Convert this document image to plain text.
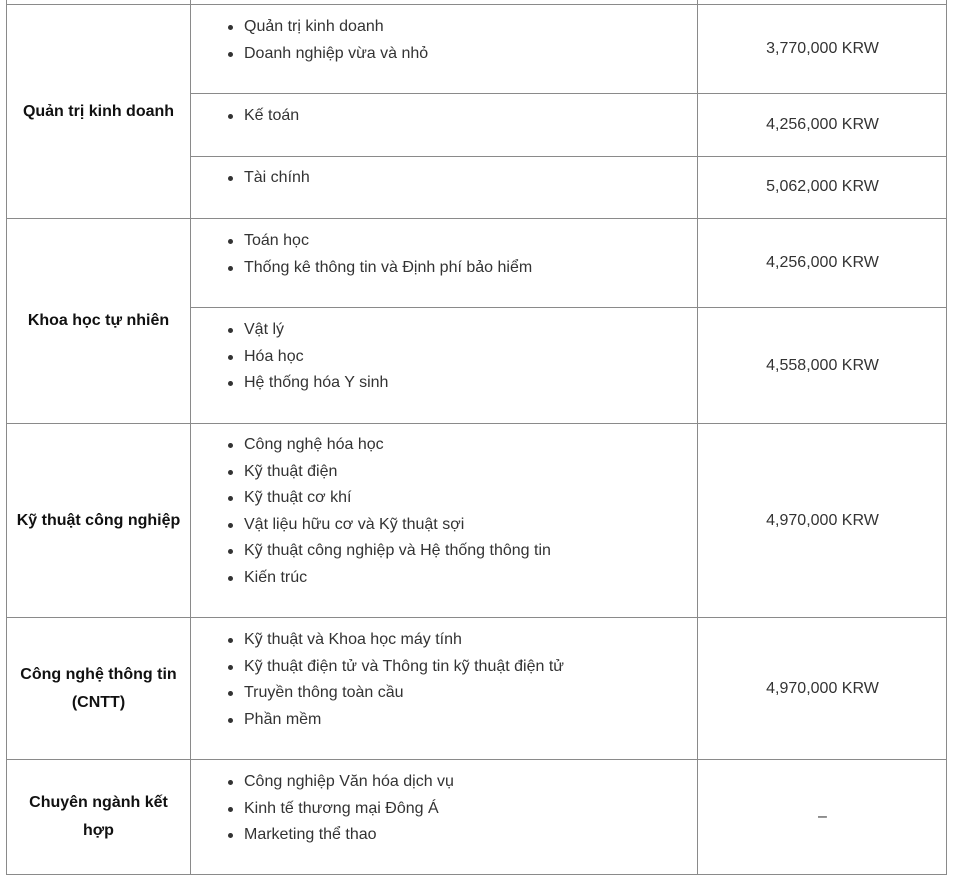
Quản trị kinh doanh
Quản trị kinh doanh
Doanh nghiệp vừa và nhỏ	3,770,000 KRW
Kế toán
4,256,000 KRW
Tài chính
5,062,000 KRW
Khoa học tự nhiên
Toán học
Thống kê thông tin và Định phí bảo hiểm	4,256,000 KRW
Vật lý
Hóa học
Hệ thống hóa Y sinh
4,558,000 KRW
Kỹ thuật công nghiệp
Công nghệ hóa học
Kỹ thuật điện
Kỹ thuật cơ khí
Vật liệu hữu cơ và Kỹ thuật sợi
Kỹ thuật công nghiệp và Hệ thống thông tin
Kiến trúc
4,970,000 KRW
Công nghệ thông tin (CNTT)
Kỹ thuật và Khoa học máy tính
Kỹ thuật điện tử và Thông tin kỹ thuật điện tử
Truyền thông toàn cầu
Phần mềm
4,970,000 KRW
Chuyên ngành kết hợp
Công nghiệp Văn hóa dịch vụ
Kinh tế thương mại Đông Á
Marketing thể thao
–
